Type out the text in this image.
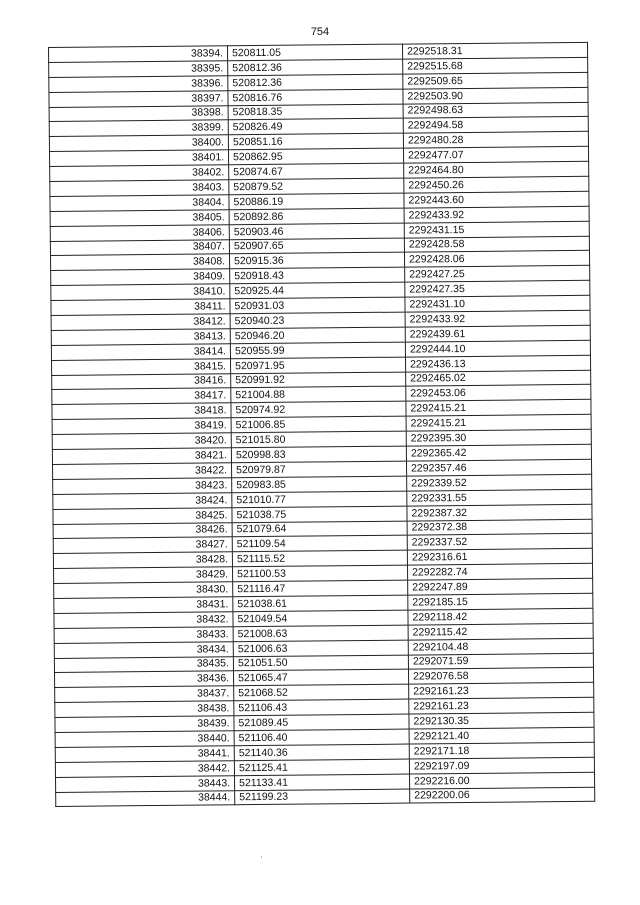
754
38394.	520811.05	2292518.31
38395.	520812.36	2292515.68
38396.	520812.36	2292509.65
38397.	520816.76	2292503.90
38398.	520818.35	2292498.63
38399.	520826.49	2292494.58
38400.	520851.16	2292480.28
38401.	520862.95	2292477.07
38402.	520874.67	2292464.80
38403.	520879.52	2292450.26
38404.	520886.19	2292443.60
38405.	520892.86	2292433.92
38406.	520903.46	2292431.15
38407.	520907.65	2292428.58
38408.	520915.36	2292428.06
38409.	520918.43	2292427.25
38410.	520925.44	2292427.35
38411.	520931.03	2292431.10
38412.	520940.23	2292433.92
38413.	520946.20	2292439.61
38414.	520955.99	2292444.10
38415.	520971.95	2292436.13
38416.	520991.92	2292465.02
38417.	521004.88	2292453.06
38418.	520974.92	2292415.21
38419.	521006.85	2292415.21
38420.	521015.80	2292395.30
38421.	520998.83	2292365.42
38422.	520979.87	2292357.46
38423.	520983.85	2292339.52
38424.	521010.77	2292331.55
38425.	521038.75	2292387.32
38426.	521079.64	2292372.38
38427.	521109.54	2292337.52
38428.	521115.52	2292316.61
38429.	521100.53	2292282.74
38430.	521116.47	2292247.89
38431.	521038.61	2292185.15
38432.	521049.54	2292118.42
38433.	521008.63	2292115.42
38434.	521006.63	2292104.48
38435.	521051.50	2292071.59
38436.	521065.47	2292076.58
38437.	521068.52	2292161.23
38438.	521106.43	2292161.23
38439.	521089.45	2292130.35
38440.	521106.40	2292121.40
38441.	521140.36	2292171.18
38442.	521125.41	2292197.09
38443.	521133.41	2292216.00
38444.	521199.23	2292200.06
